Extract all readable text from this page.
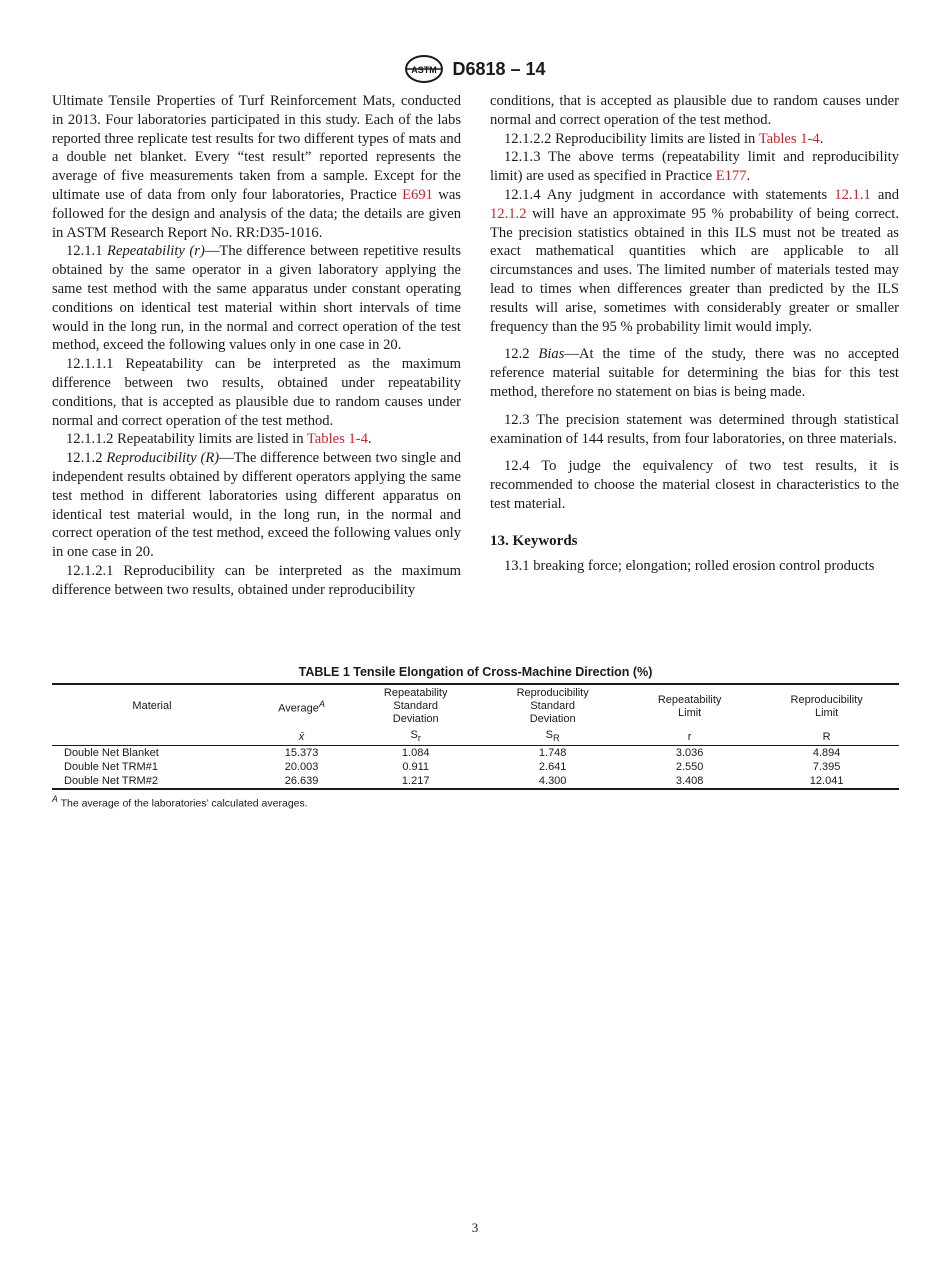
ASTM D6818 – 14

Ultimate Tensile Properties of Turf Reinforcement Mats, conducted in 2013. Four laboratories participated in this study. Each of the labs reported three replicate test results for two different types of mats and a double net blanket. Every “test result” reported represents the average of five measurements taken from a sample. Except for the ultimate use of data from only four laboratories, Practice E691 was followed for the design and analysis of the data; the details are given in ASTM Research Report No. RR:D35-1016.

12.1.1 Repeatability (r)—The difference between repetitive results obtained by the same operator in a given laboratory applying the same test method with the same apparatus under constant operating conditions on identical test material within short intervals of time would in the long run, in the normal and correct operation of the test method, exceed the following values only in one case in 20.

12.1.1.1 Repeatability can be interpreted as the maximum difference between two results, obtained under repeatability conditions, that is accepted as plausible due to random causes under normal and correct operation of the test method.

12.1.1.2 Repeatability limits are listed in Tables 1-4.

12.1.2 Reproducibility (R)—The difference between two single and independent results obtained by different operators applying the same test method in different laboratories using different apparatus on identical test material would, in the long run, in the normal and correct operation of the test method, exceed the following values only in one case in 20.

12.1.2.1 Reproducibility can be interpreted as the maximum difference between two results, obtained under reproducibility

conditions, that is accepted as plausible due to random causes under normal and correct operation of the test method.

12.1.2.2 Reproducibility limits are listed in Tables 1-4.

12.1.3 The above terms (repeatability limit and reproducibility limit) are used as specified in Practice E177.

12.1.4 Any judgment in accordance with statements 12.1.1 and 12.1.2 will have an approximate 95 % probability of being correct. The precision statistics obtained in this ILS must not be treated as exact mathematical quantities which are applicable to all circumstances and uses. The limited number of materials tested may lead to times when differences greater than predicted by the ILS results will arise, sometimes with considerably greater or smaller frequency than the 95 % probability limit would imply.

12.2 Bias—At the time of the study, there was no accepted reference material suitable for determining the bias for this test method, therefore no statement on bias is being made.

12.3 The precision statement was determined through statistical examination of 144 results, from four laboratories, on three materials.

12.4 To judge the equivalency of two test results, it is recommended to choose the material closest in characteristics to the test material.

13. Keywords

13.1 breaking force; elongation; rolled erosion control products

TABLE 1 Tensile Elongation of Cross-Machine Direction (%)
Material	Average$^A$	Repeatability
Standard
Deviation	Reproducibility
Standard
Deviation	Repeatability
Limit	Reproducibility
Limit
	x̄	$S_r$	$S_R$	r	R
Double Net Blanket	15.373	1.084	1.748	3.036	4.894
Double Net TRM#1	20.003	0.911	2.641	2.550	7.395
Double Net TRM#2	26.639	1.217	4.300	3.408	12.041
$^A$ The average of the laboratories’ calculated averages.
3
